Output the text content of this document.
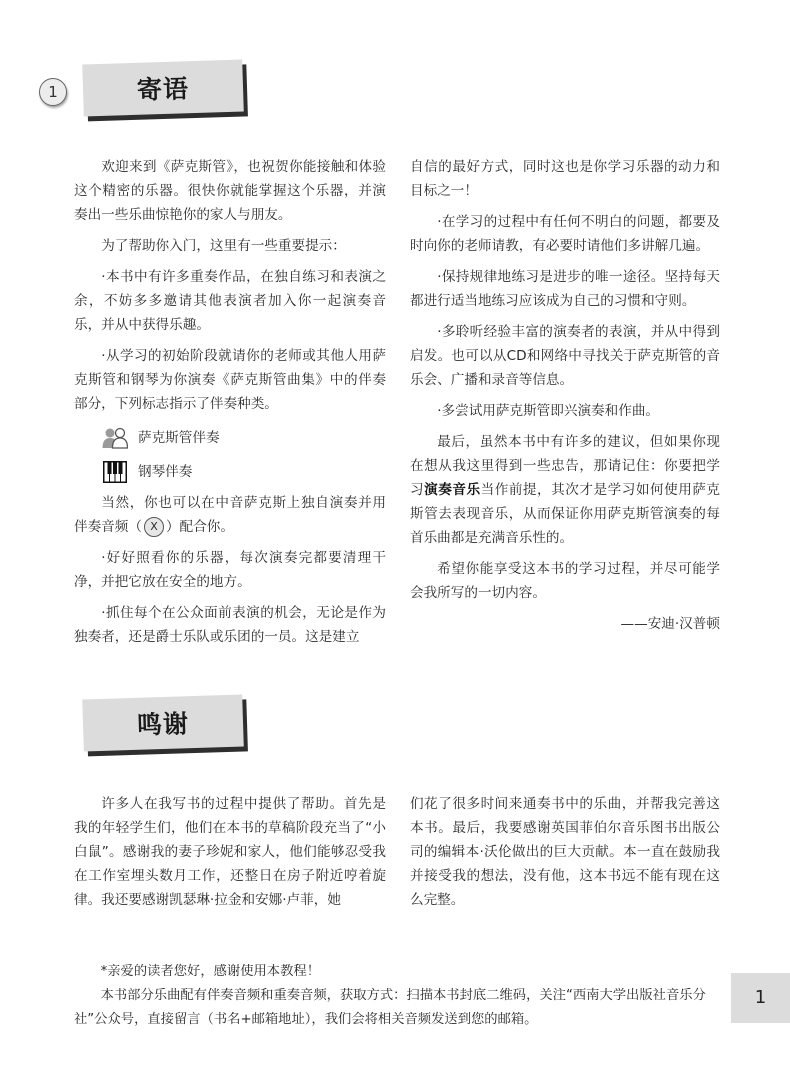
1	寄语

欢迎来到《萨克斯管》，也祝贺你能接触和体验这个精密的乐器。很快你就能掌握这个乐器，并演奏出一些乐曲惊艳你的家人与朋友。

为了帮助你入门，这里有一些重要提示：

·本书中有许多重奏作品，在独自练习和表演之余，不妨多多邀请其他表演者加入你一起演奏音乐，并从中获得乐趣。

·从学习的初始阶段就请你的老师或其他人用萨克斯管和钢琴为你演奏《萨克斯管曲集》中的伴奏部分，下列标志指示了伴奏种类。

萨克斯管伴奏
钢琴伴奏

当然，你也可以在中音萨克斯上独自演奏并用伴奏音频（ X ）配合你。

·好好照看你的乐器，每次演奏完都要清理干净，并把它放在安全的地方。

·抓住每个在公众面前表演的机会，无论是作为独奏者，还是爵士乐队或乐团的一员。这是建立

自信的最好方式，同时这也是你学习乐器的动力和目标之一！

·在学习的过程中有任何不明白的问题，都要及时向你的老师请教，有必要时请他们多讲解几遍。

·保持规律地练习是进步的唯一途径。坚持每天都进行适当地练习应该成为自己的习惯和守则。

·多聆听经验丰富的演奏者的表演，并从中得到启发。也可以从CD和网络中寻找关于萨克斯管的音乐会、广播和录音等信息。

·多尝试用萨克斯管即兴演奏和作曲。

最后，虽然本书中有许多的建议，但如果你现在想从我这里得到一些忠告，那请记住：你要把学习演奏音乐当作前提，其次才是学习如何使用萨克斯管去表现音乐，从而保证你用萨克斯管演奏的每首乐曲都是充满音乐性的。

希望你能享受这本书的学习过程，并尽可能学会我所写的一切内容。

——安迪·汉普顿

鸣谢

许多人在我写书的过程中提供了帮助。首先是我的年轻学生们，他们在本书的草稿阶段充当了“小白鼠”。感谢我的妻子珍妮和家人，他们能够忍受我在工作室埋头数月工作，还整日在房子附近哼着旋律。我还要感谢凯瑟琳·拉金和安娜·卢菲，她

们花了很多时间来通奏书中的乐曲，并帮我完善这本书。最后，我要感谢英国菲伯尔音乐图书出版公司的编辑本·沃伦做出的巨大贡献。本一直在鼓励我并接受我的想法，没有他，这本书远不能有现在这么完整。

*亲爱的读者您好，感谢使用本教程！

本书部分乐曲配有伴奏音频和重奏音频，获取方式：扫描本书封底二维码，关注“西南大学出版社音乐分社”公众号，直接留言（书名+邮箱地址），我们会将相关音频发送到您的邮箱。

1
